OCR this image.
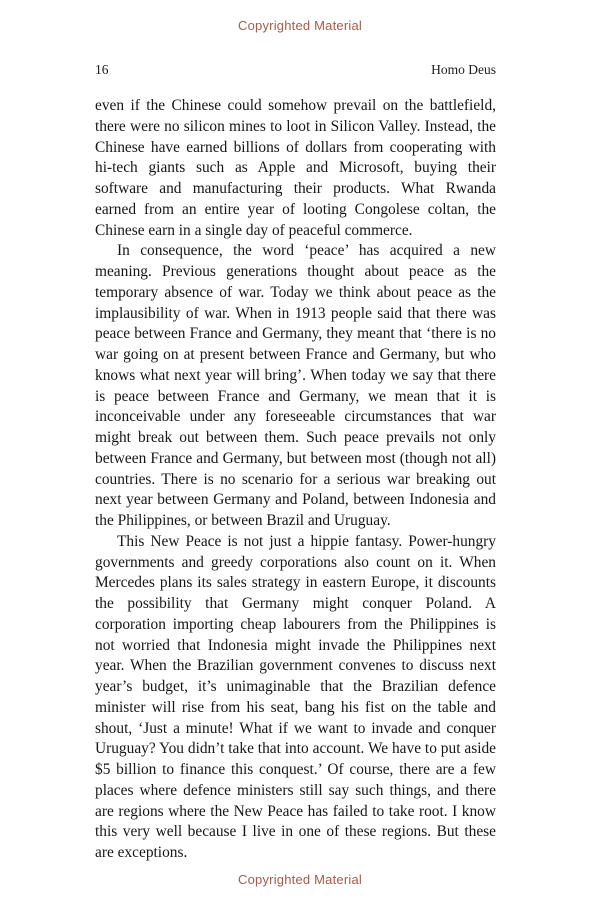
Copyrighted Material
16	Homo Deus

even if the Chinese could somehow prevail on the battlefield, there were no silicon mines to loot in Silicon Valley. Instead, the Chinese have earned billions of dollars from cooperating with hi-tech giants such as Apple and Microsoft, buying their software and manufacturing their products. What Rwanda earned from an entire year of looting Congolese coltan, the Chinese earn in a single day of peaceful commerce.

In consequence, the word ‘peace’ has acquired a new meaning. Previous generations thought about peace as the temporary absence of war. Today we think about peace as the implausibility of war. When in 1913 people said that there was peace between France and Germany, they meant that ‘there is no war going on at present between France and Germany, but who knows what next year will bring’. When today we say that there is peace between France and Germany, we mean that it is inconceivable under any foreseeable circumstances that war might break out between them. Such peace prevails not only between France and Germany, but between most (though not all) countries. There is no scenario for a serious war breaking out next year between Germany and Poland, between Indonesia and the Philippines, or between Brazil and Uruguay.

This New Peace is not just a hippie fantasy. Power-hungry governments and greedy corporations also count on it. When Mercedes plans its sales strategy in eastern Europe, it discounts the possibility that Germany might conquer Poland. A corporation importing cheap labourers from the Philippines is not worried that Indonesia might invade the Philippines next year. When the Brazilian government convenes to discuss next year’s budget, it’s unimaginable that the Brazilian defence minister will rise from his seat, bang his fist on the table and shout, ‘Just a minute! What if we want to invade and conquer Uruguay? You didn’t take that into account. We have to put aside $5 billion to finance this conquest.’ Of course, there are a few places where defence ministers still say such things, and there are regions where the New Peace has failed to take root. I know this very well because I live in one of these regions. But these are exceptions.

Copyrighted Material
